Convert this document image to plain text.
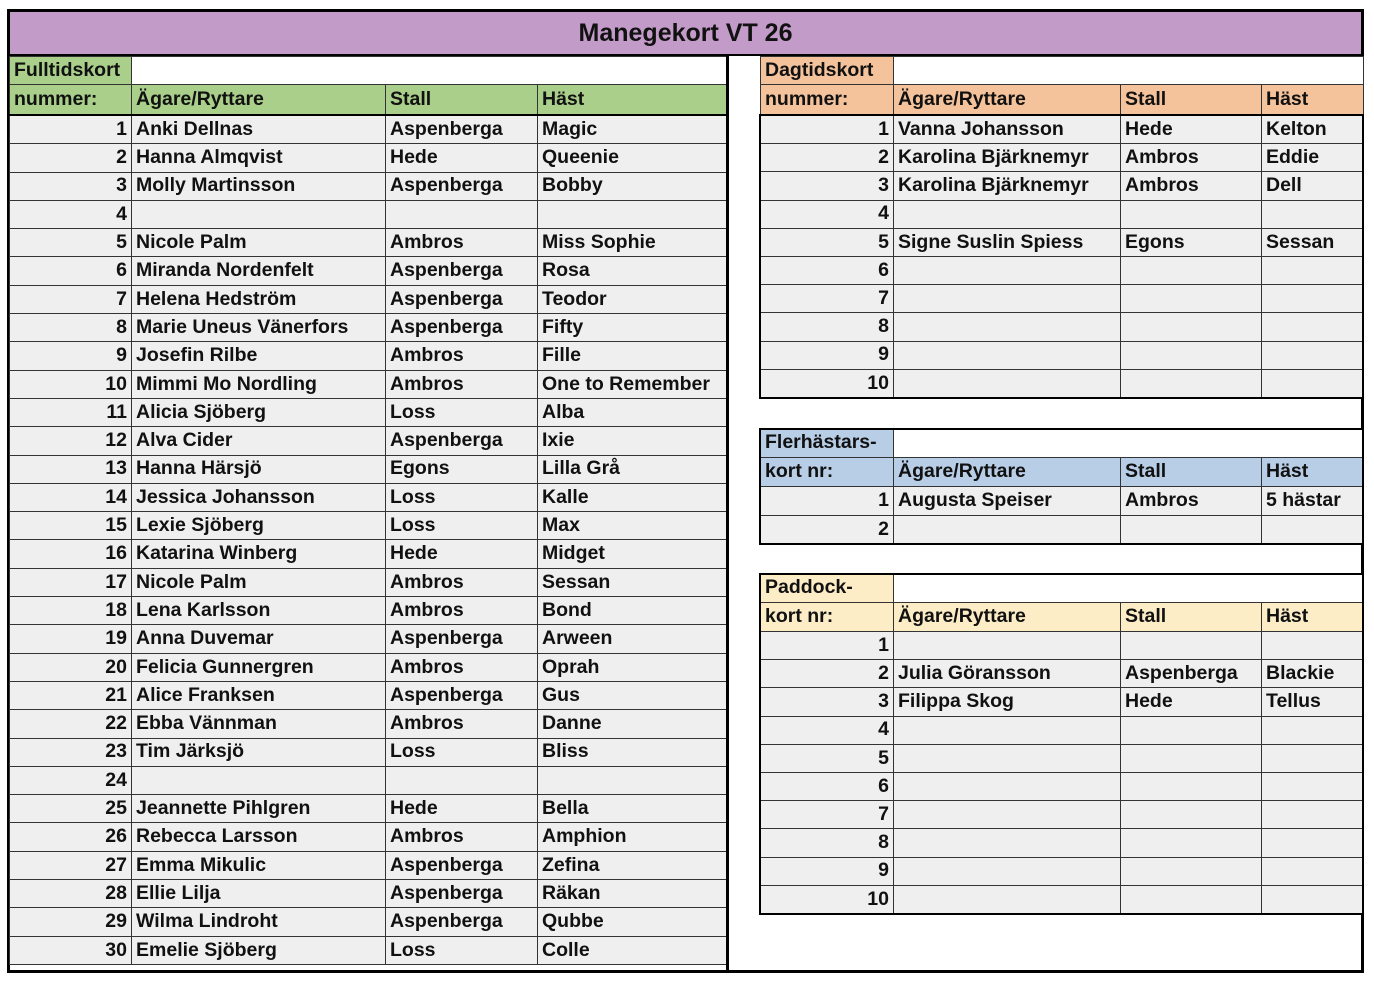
Manegekort VT 26
Fulltidskort			
nummer:	Ägare/Ryttare	Stall	Häst
1	Anki Dellnas	Aspenberga	Magic
2	Hanna Almqvist	Hede	Queenie
3	Molly Martinsson	Aspenberga	Bobby
4			
5	Nicole Palm	Ambros	Miss Sophie
6	Miranda Nordenfelt	Aspenberga	Rosa
7	Helena Hedström	Aspenberga	Teodor
8	Marie Uneus Vänerfors	Aspenberga	Fifty
9	Josefin Rilbe	Ambros	Fille
10	Mimmi Mo Nordling	Ambros	One to Remember
11	Alicia Sjöberg	Loss	Alba
12	Alva Cider	Aspenberga	Ixie
13	Hanna Härsjö	Egons	Lilla Grå
14	Jessica Johansson	Loss	Kalle
15	Lexie Sjöberg	Loss	Max
16	Katarina Winberg	Hede	Midget
17	Nicole Palm	Ambros	Sessan
18	Lena Karlsson	Ambros	Bond
19	Anna Duvemar	Aspenberga	Arween
20	Felicia Gunnergren	Ambros	Oprah
21	Alice Franksen	Aspenberga	Gus
22	Ebba Vännman	Ambros	Danne
23	Tim Järksjö	Loss	Bliss
24			
25	Jeannette Pihlgren	Hede	Bella
26	Rebecca Larsson	Ambros	Amphion
27	Emma Mikulic	Aspenberga	Zefina
28	Ellie Lilja	Aspenberga	Räkan
29	Wilma Lindroht	Aspenberga	Qubbe
30	Emelie Sjöberg	Loss	Colle
Dagtidskort			
nummer:	Ägare/Ryttare	Stall	Häst
1	Vanna Johansson	Hede	Kelton
2	Karolina Bjärknemyr	Ambros	Eddie
3	Karolina Bjärknemyr	Ambros	Dell
4			
5	Signe Suslin Spiess	Egons	Sessan
6			
7			
8			
9			
10			
Flerhästars-			
kort nr:	Ägare/Ryttare	Stall	Häst
1	Augusta Speiser	Ambros	5 hästar
2			
Paddock-			
kort nr:	Ägare/Ryttare	Stall	Häst
1			
2	Julia Göransson	Aspenberga	Blackie
3	Filippa Skog	Hede	Tellus
4			
5			
6			
7			
8			
9			
10			
